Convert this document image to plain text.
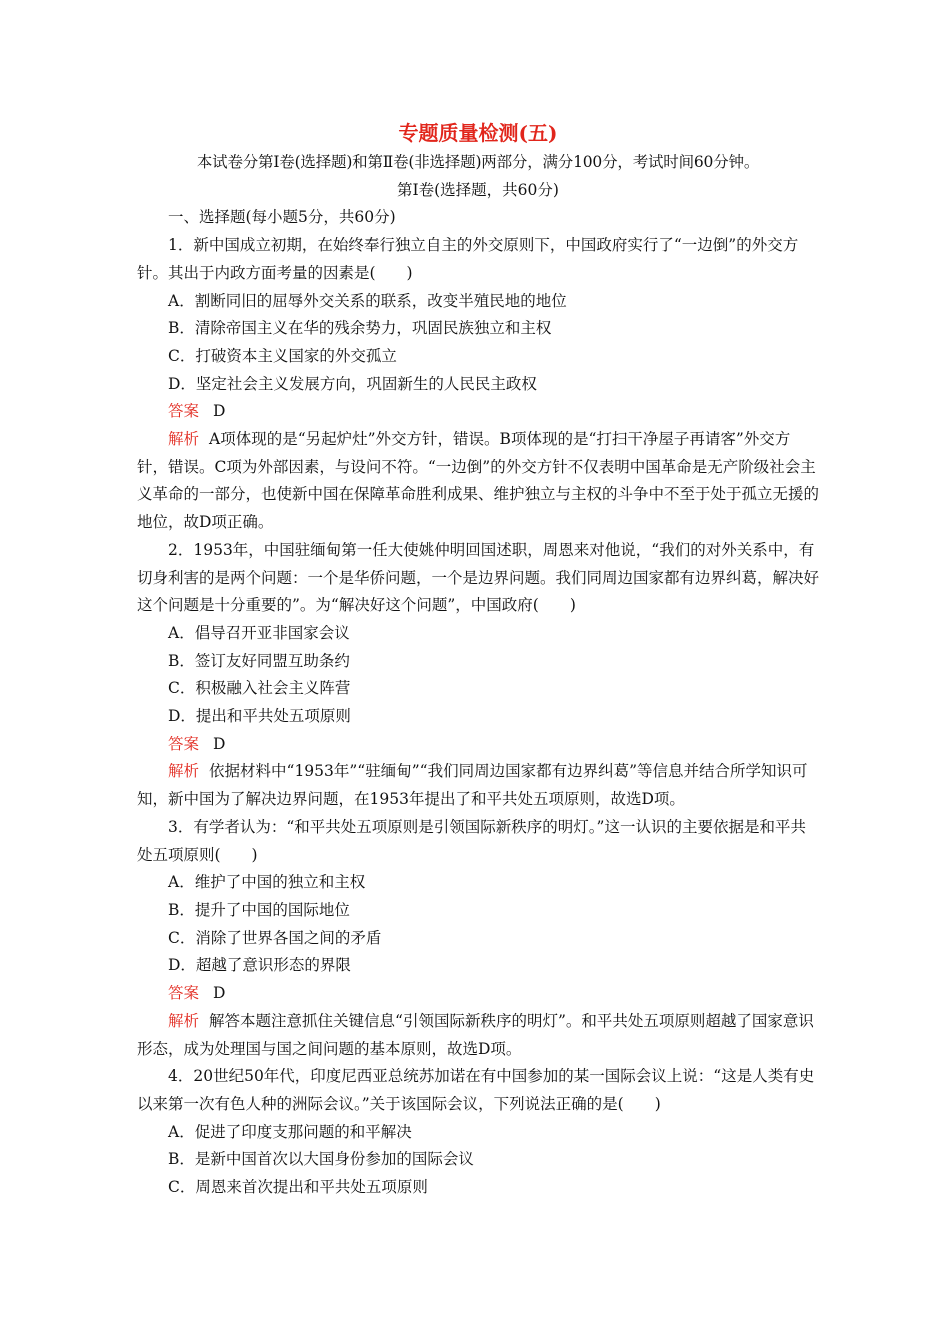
专题质量检测(五)
本试卷分第Ⅰ卷(选择题)和第Ⅱ卷(非选择题)两部分，满分100分，考试时间60分钟。
第Ⅰ卷(选择题，共60分)
一、选择题(每小题5分，共60分)
1．新中国成立初期，在始终奉行独立自主的外交原则下，中国政府实行了“一边倒”的外交方针。其出于内政方面考量的因素是(　　)
A．割断同旧的屈辱外交关系的联系，改变半殖民地的地位
B．清除帝国主义在华的残余势力，巩固民族独立和主权
C．打破资本主义国家的外交孤立
D．坚定社会主义发展方向，巩固新生的人民民主政权
答案 D
解析 A项体现的是“另起炉灶”外交方针，错误。B项体现的是“打扫干净屋子再请客”外交方针，错误。C项为外部因素，与设问不符。“一边倒”的外交方针不仅表明中国革命是无产阶级社会主义革命的一部分，也使新中国在保障革命胜利成果、维护独立与主权的斗争中不至于处于孤立无援的地位，故D项正确。
2．1953年，中国驻缅甸第一任大使姚仲明回国述职，周恩来对他说，“我们的对外关系中，有切身利害的是两个问题：一个是华侨问题，一个是边界问题。我们同周边国家都有边界纠葛，解决好这个问题是十分重要的”。为“解决好这个问题”，中国政府(　　)
A．倡导召开亚非国家会议
B．签订友好同盟互助条约
C．积极融入社会主义阵营
D．提出和平共处五项原则
答案 D
解析 依据材料中“1953年”“驻缅甸”“我们同周边国家都有边界纠葛”等信息并结合所学知识可知，新中国为了解决边界问题，在1953年提出了和平共处五项原则，故选D项。
3．有学者认为：“和平共处五项原则是引领国际新秩序的明灯。”这一认识的主要依据是和平共处五项原则(　　)
A．维护了中国的独立和主权
B．提升了中国的国际地位
C．消除了世界各国之间的矛盾
D．超越了意识形态的界限
答案 D
解析 解答本题注意抓住关键信息“引领国际新秩序的明灯”。和平共处五项原则超越了国家意识形态，成为处理国与国之间问题的基本原则，故选D项。
4．20世纪50年代，印度尼西亚总统苏加诺在有中国参加的某一国际会议上说：“这是人类有史以来第一次有色人种的洲际会议。”关于该国际会议，下列说法正确的是(　　)
A．促进了印度支那问题的和平解决
B．是新中国首次以大国身份参加的国际会议
C．周恩来首次提出和平共处五项原则
